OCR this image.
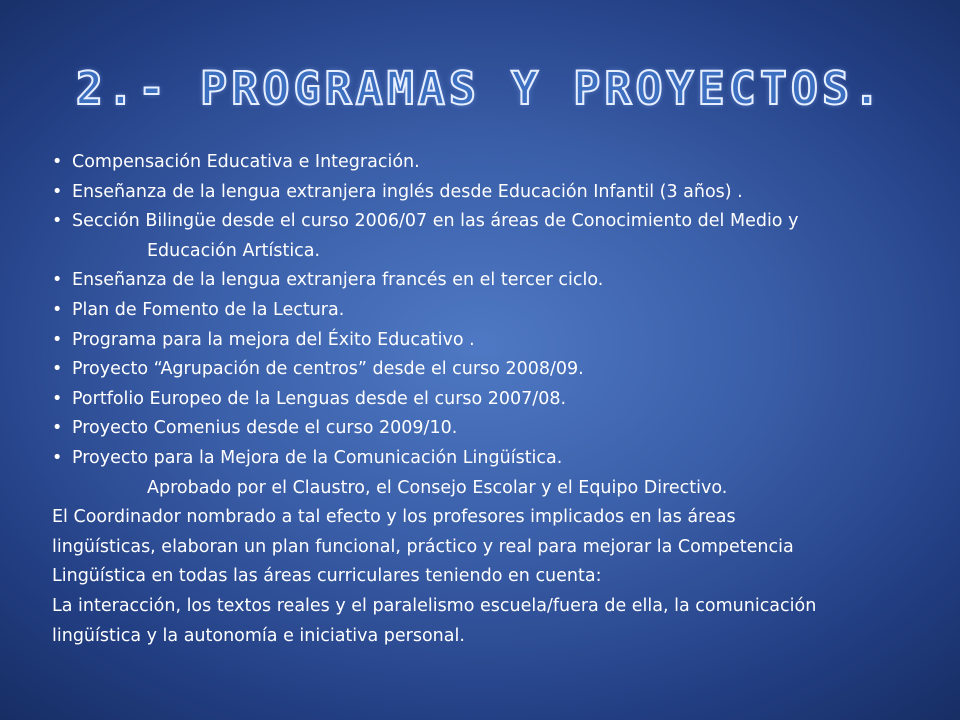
2.- PROGRAMAS Y PROYECTOS.
• Compensación Educativa e Integración.
• Enseñanza de la lengua extranjera inglés desde Educación Infantil (3 años) .
• Sección Bilingüe desde el curso 2006/07 en las áreas de Conocimiento del Medio y
Educación Artística.
• Enseñanza de la lengua extranjera francés en el tercer ciclo.
• Plan de Fomento de la Lectura.
• Programa para la mejora del Éxito Educativo .
• Proyecto “Agrupación de centros” desde el curso 2008/09.
• Portfolio Europeo de la Lenguas desde el curso 2007/08.
• Proyecto Comenius desde el curso 2009/10.
• Proyecto para la Mejora de la Comunicación Lingüística.
Aprobado por el Claustro, el Consejo Escolar y el Equipo Directivo.
El Coordinador nombrado a tal efecto y los profesores implicados en las áreas
lingüísticas, elaboran un plan funcional, práctico y real para mejorar la Competencia
Lingüística en todas las áreas curriculares teniendo en cuenta:
La interacción, los textos reales y el paralelismo escuela/fuera de ella, la comunicación
lingüística y la autonomía e iniciativa personal.
